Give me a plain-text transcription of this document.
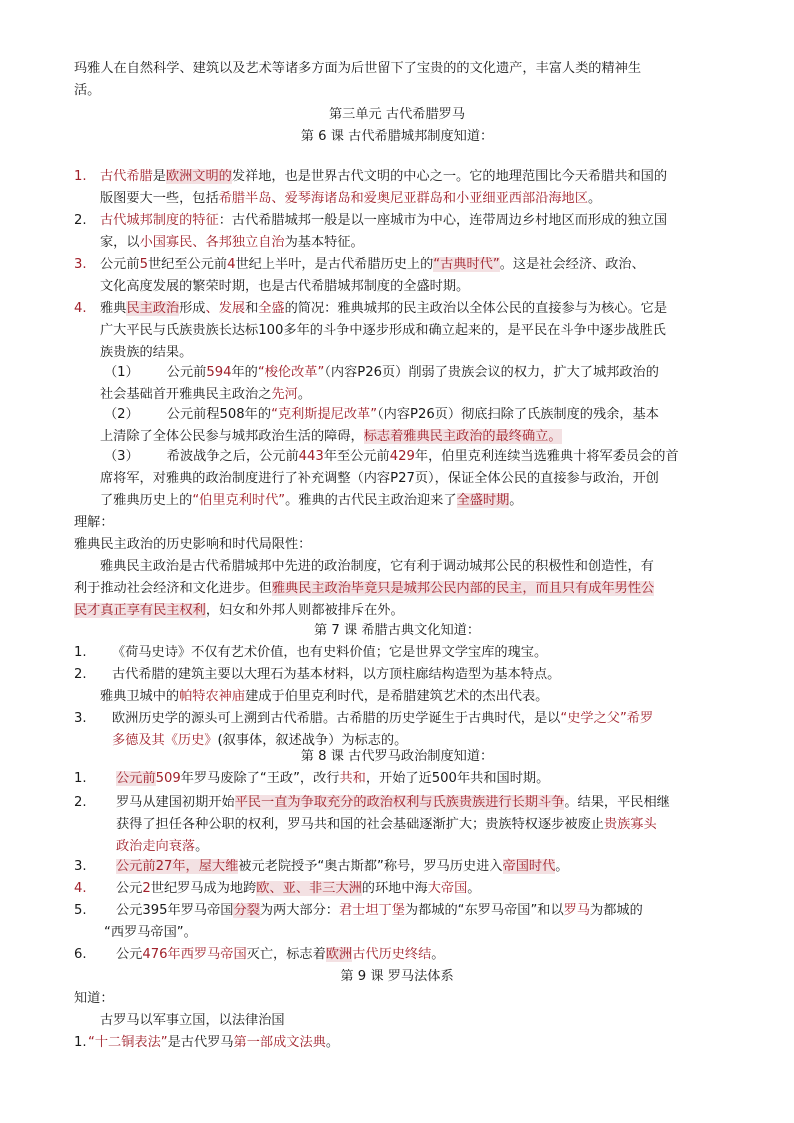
玛雅人在自然科学、建筑以及艺术等诸多方面为后世留下了宝贵的的文化遗产，丰富人类的精神生
活。
第三单元 古代希腊罗马
第 6 课 古代希腊城邦制度知道：
1. 古代希腊是欧洲文明的发祥地，也是世界古代文明的中心之一。它的地理范围比今天希腊共和国的
版图要大一些，包括希腊半岛、爱琴海诸岛和爱奥尼亚群岛和小亚细亚西部沿海地区。
2. 古代城邦制度的特征：古代希腊城邦一般是以一座城市为中心，连带周边乡村地区而形成的独立国
家，以小国寡民、各邦独立自治为基本特征。
3. 公元前5世纪至公元前4世纪上半叶，是古代希腊历史上的“古典时代”。这是社会经济、政治、
文化高度发展的繁荣时期，也是古代希腊城邦制度的全盛时期。
4. 雅典民主政治形成、发展和全盛的简况：雅典城邦的民主政治以全体公民的直接参与为核心。它是
广大平民与氏族贵族长达标100多年的斗争中逐步形成和确立起来的，是平民在斗争中逐步战胜氏
族贵族的结果。
（1） 公元前594年的“梭伦改革”（内容P26页）削弱了贵族会议的权力，扩大了城邦政治的
社会基础首开雅典民主政治之先河。
（2） 公元前程508年的“克利斯提尼改革”（内容P26页）彻底扫除了氏族制度的残余，基本
上清除了全体公民参与城邦政治生活的障碍，标志着雅典民主政治的最终确立。
（3） 希波战争之后，公元前443年至公元前429年，伯里克利连续当选雅典十将军委员会的首
席将军，对雅典的政治制度进行了补充调整（内容P27页），保证全体公民的直接参与政治，开创
了雅典历史上的“伯里克利时代”。雅典的古代民主政治迎来了全盛时期。
理解：
雅典民主政治的历史影响和时代局限性：
雅典民主政治是古代希腊城邦中先进的政治制度，它有利于调动城邦公民的积极性和创造性，有
利于推动社会经济和文化进步。但雅典民主政治毕竟只是城邦公民内部的民主，而且只有成年男性公
民才真正享有民主权利，妇女和外邦人则都被排斥在外。
第 7 课 希腊古典文化知道：
1. 《荷马史诗》不仅有艺术价值，也有史料价值；它是世界文学宝库的瑰宝。
2. 古代希腊的建筑主要以大理石为基本材料，以方顶柱廊结构造型为基本特点。
雅典卫城中的帕特农神庙建成于伯里克利时代，是希腊建筑艺术的杰出代表。
3. 欧洲历史学的源头可上溯到古代希腊。古希腊的历史学诞生于古典时代，是以“史学之父”希罗
多德及其《历史》(叙事体，叙述战争）为标志的。
第 8 课 古代罗马政治制度知道：
1. 公元前509年罗马废除了“王政”，改行共和，开始了近500年共和国时期。
2. 罗马从建国初期开始平民一直为争取充分的政治权利与氏族贵族进行长期斗争。结果，平民相继
获得了担任各种公职的权利，罗马共和国的社会基础逐渐扩大；贵族特权逐步被废止贵族寡头
政治走向衰落。
3. 公元前27年，屋大维被元老院授予“奥古斯都”称号，罗马历史进入帝国时代。
4. 公元2世纪罗马成为地跨欧、亚、非三大洲的环地中海大帝国。
5. 公元395年罗马帝国分裂为两大部分：君士坦丁堡为都城的“东罗马帝国”和以罗马为都城的
“西罗马帝国”。
6. 公元476年西罗马帝国灭亡，标志着欧洲古代历史终结。
第 9 课 罗马法体系
知道：
古罗马以军事立国，以法律治国
1.“十二铜表法”是古代罗马第一部成文法典。
